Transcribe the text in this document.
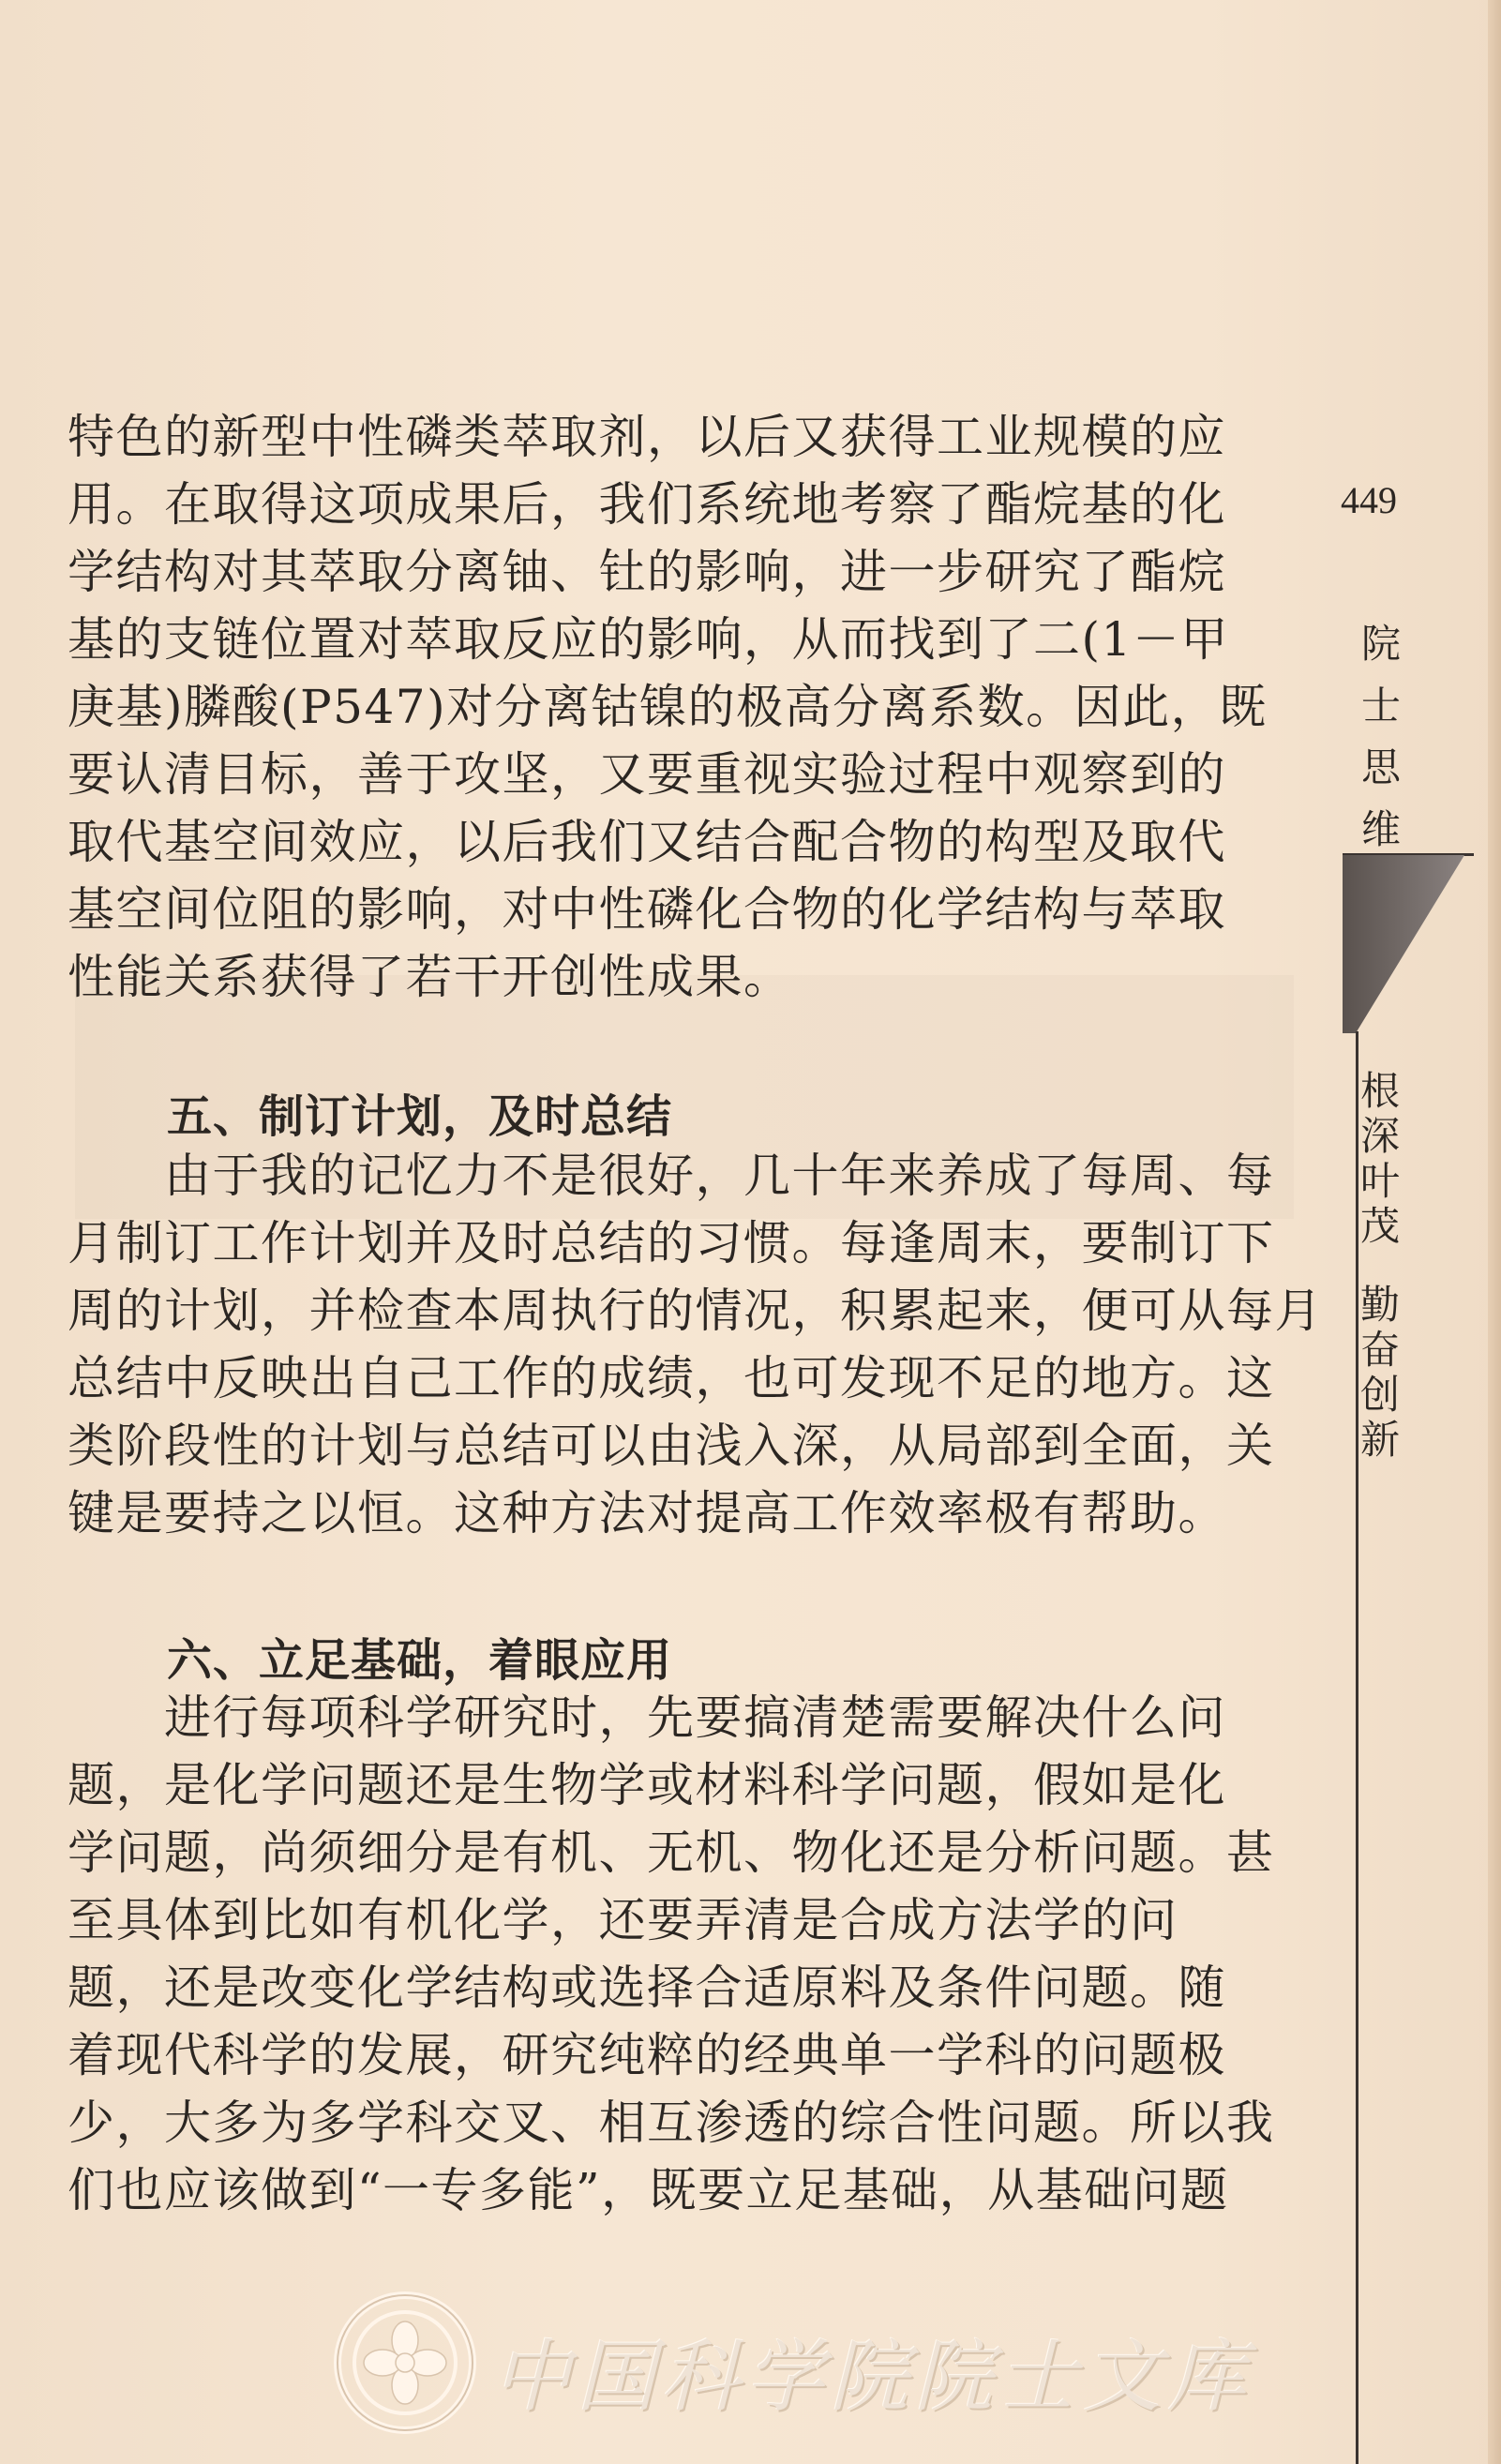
特色的新型中性磷类萃取剂，以后又获得工业规模的应
用。在取得这项成果后，我们系统地考察了酯烷基的化
学结构对其萃取分离铀、钍的影响，进一步研究了酯烷
基的支链位置对萃取反应的影响，从而找到了二(1－甲
庚基)膦酸(P547)对分离钴镍的极高分离系数。因此，既
要认清目标，善于攻坚，又要重视实验过程中观察到的
取代基空间效应，以后我们又结合配合物的构型及取代
基空间位阻的影响，对中性磷化合物的化学结构与萃取
性能关系获得了若干开创性成果。
五、制订计划，及时总结
　　由于我的记忆力不是很好，几十年来养成了每周、每
月制订工作计划并及时总结的习惯。每逢周末，要制订下
周的计划，并检查本周执行的情况，积累起来，便可从每月
总结中反映出自己工作的成绩，也可发现不足的地方。这
类阶段性的计划与总结可以由浅入深，从局部到全面，关
键是要持之以恒。这种方法对提高工作效率极有帮助。
六、立足基础，着眼应用
　　进行每项科学研究时，先要搞清楚需要解决什么问
题，是化学问题还是生物学或材料科学问题，假如是化
学问题，尚须细分是有机、无机、物化还是分析问题。甚
至具体到比如有机化学，还要弄清是合成方法学的问
题，还是改变化学结构或选择合适原料及条件问题。随
着现代科学的发展，研究纯粹的经典单一学科的问题极
少，大多为多学科交叉、相互渗透的综合性问题。所以我
们也应该做到“一专多能”，既要立足基础，从基础问题
449
院
士
思
维
根
深
叶
茂
勤
奋
创
新
中国科学院院士文库
